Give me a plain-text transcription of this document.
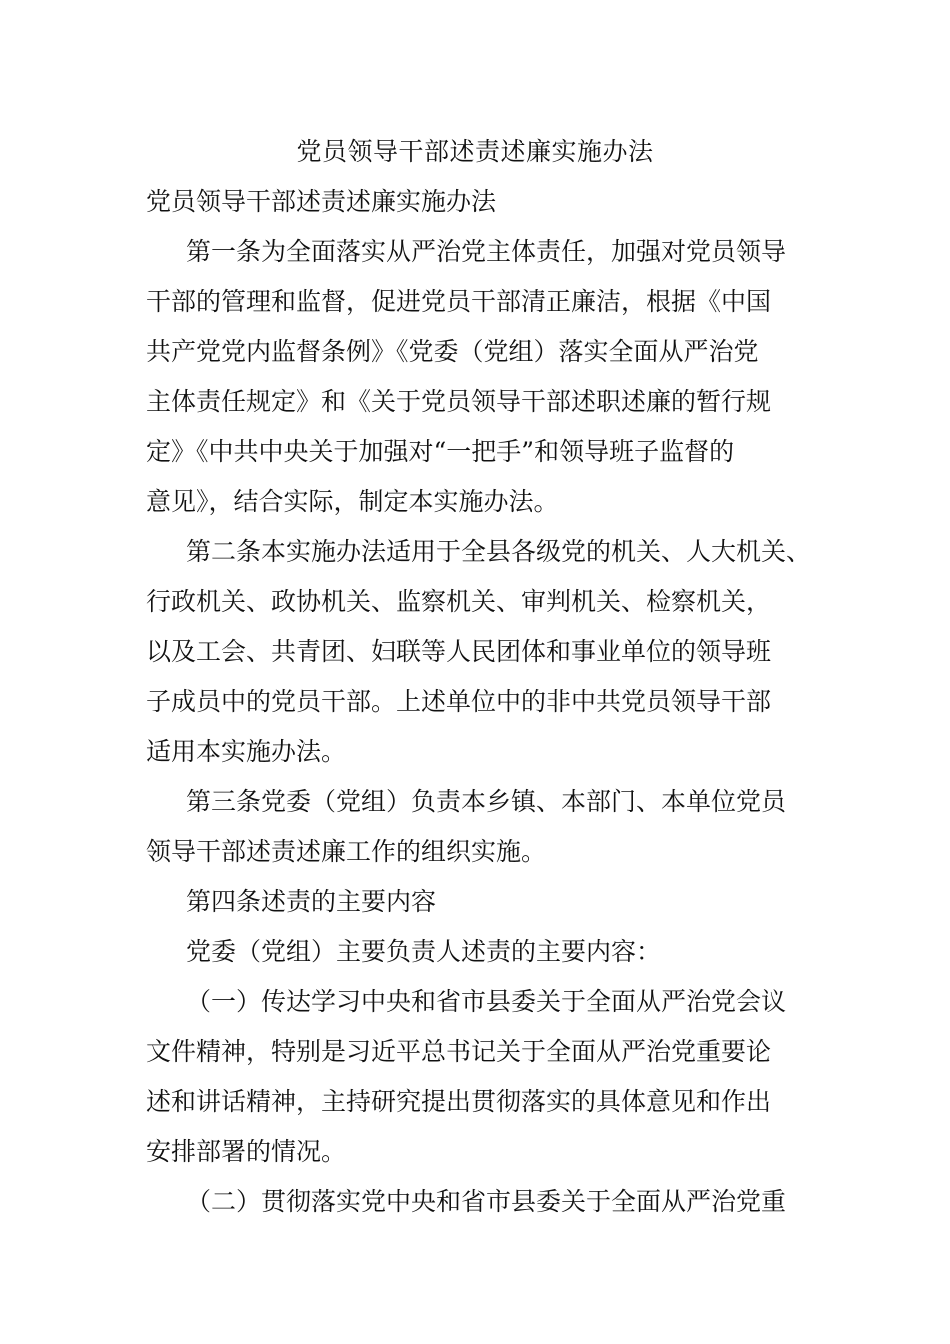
党员领导干部述责述廉实施办法

党员领导干部述责述廉实施办法

第一条为全面落实从严治党主体责任，加强对党员领导

干部的管理和监督，促进党员干部清正廉洁，根据《中国

共产党党内监督条例》《党委（党组）落实全面从严治党

主体责任规定》和《关于党员领导干部述职述廉的暂行规

定》《中共中央关于加强对“一把手”和领导班子监督的

意见》，结合实际，制定本实施办法。

第二条本实施办法适用于全县各级党的机关、人大机关、

行政机关、政协机关、监察机关、审判机关、检察机关，

以及工会、共青团、妇联等人民团体和事业单位的领导班

子成员中的党员干部。上述单位中的非中共党员领导干部

适用本实施办法。

第三条党委（党组）负责本乡镇、本部门、本单位党员

领导干部述责述廉工作的组织实施。

第四条述责的主要内容

党委（党组）主要负责人述责的主要内容：

（一）传达学习中央和省市县委关于全面从严治党会议

文件精神，特别是习近平总书记关于全面从严治党重要论

述和讲话精神，主持研究提出贯彻落实的具体意见和作出

安排部署的情况。

（二）贯彻落实党中央和省市县委关于全面从严治党重
